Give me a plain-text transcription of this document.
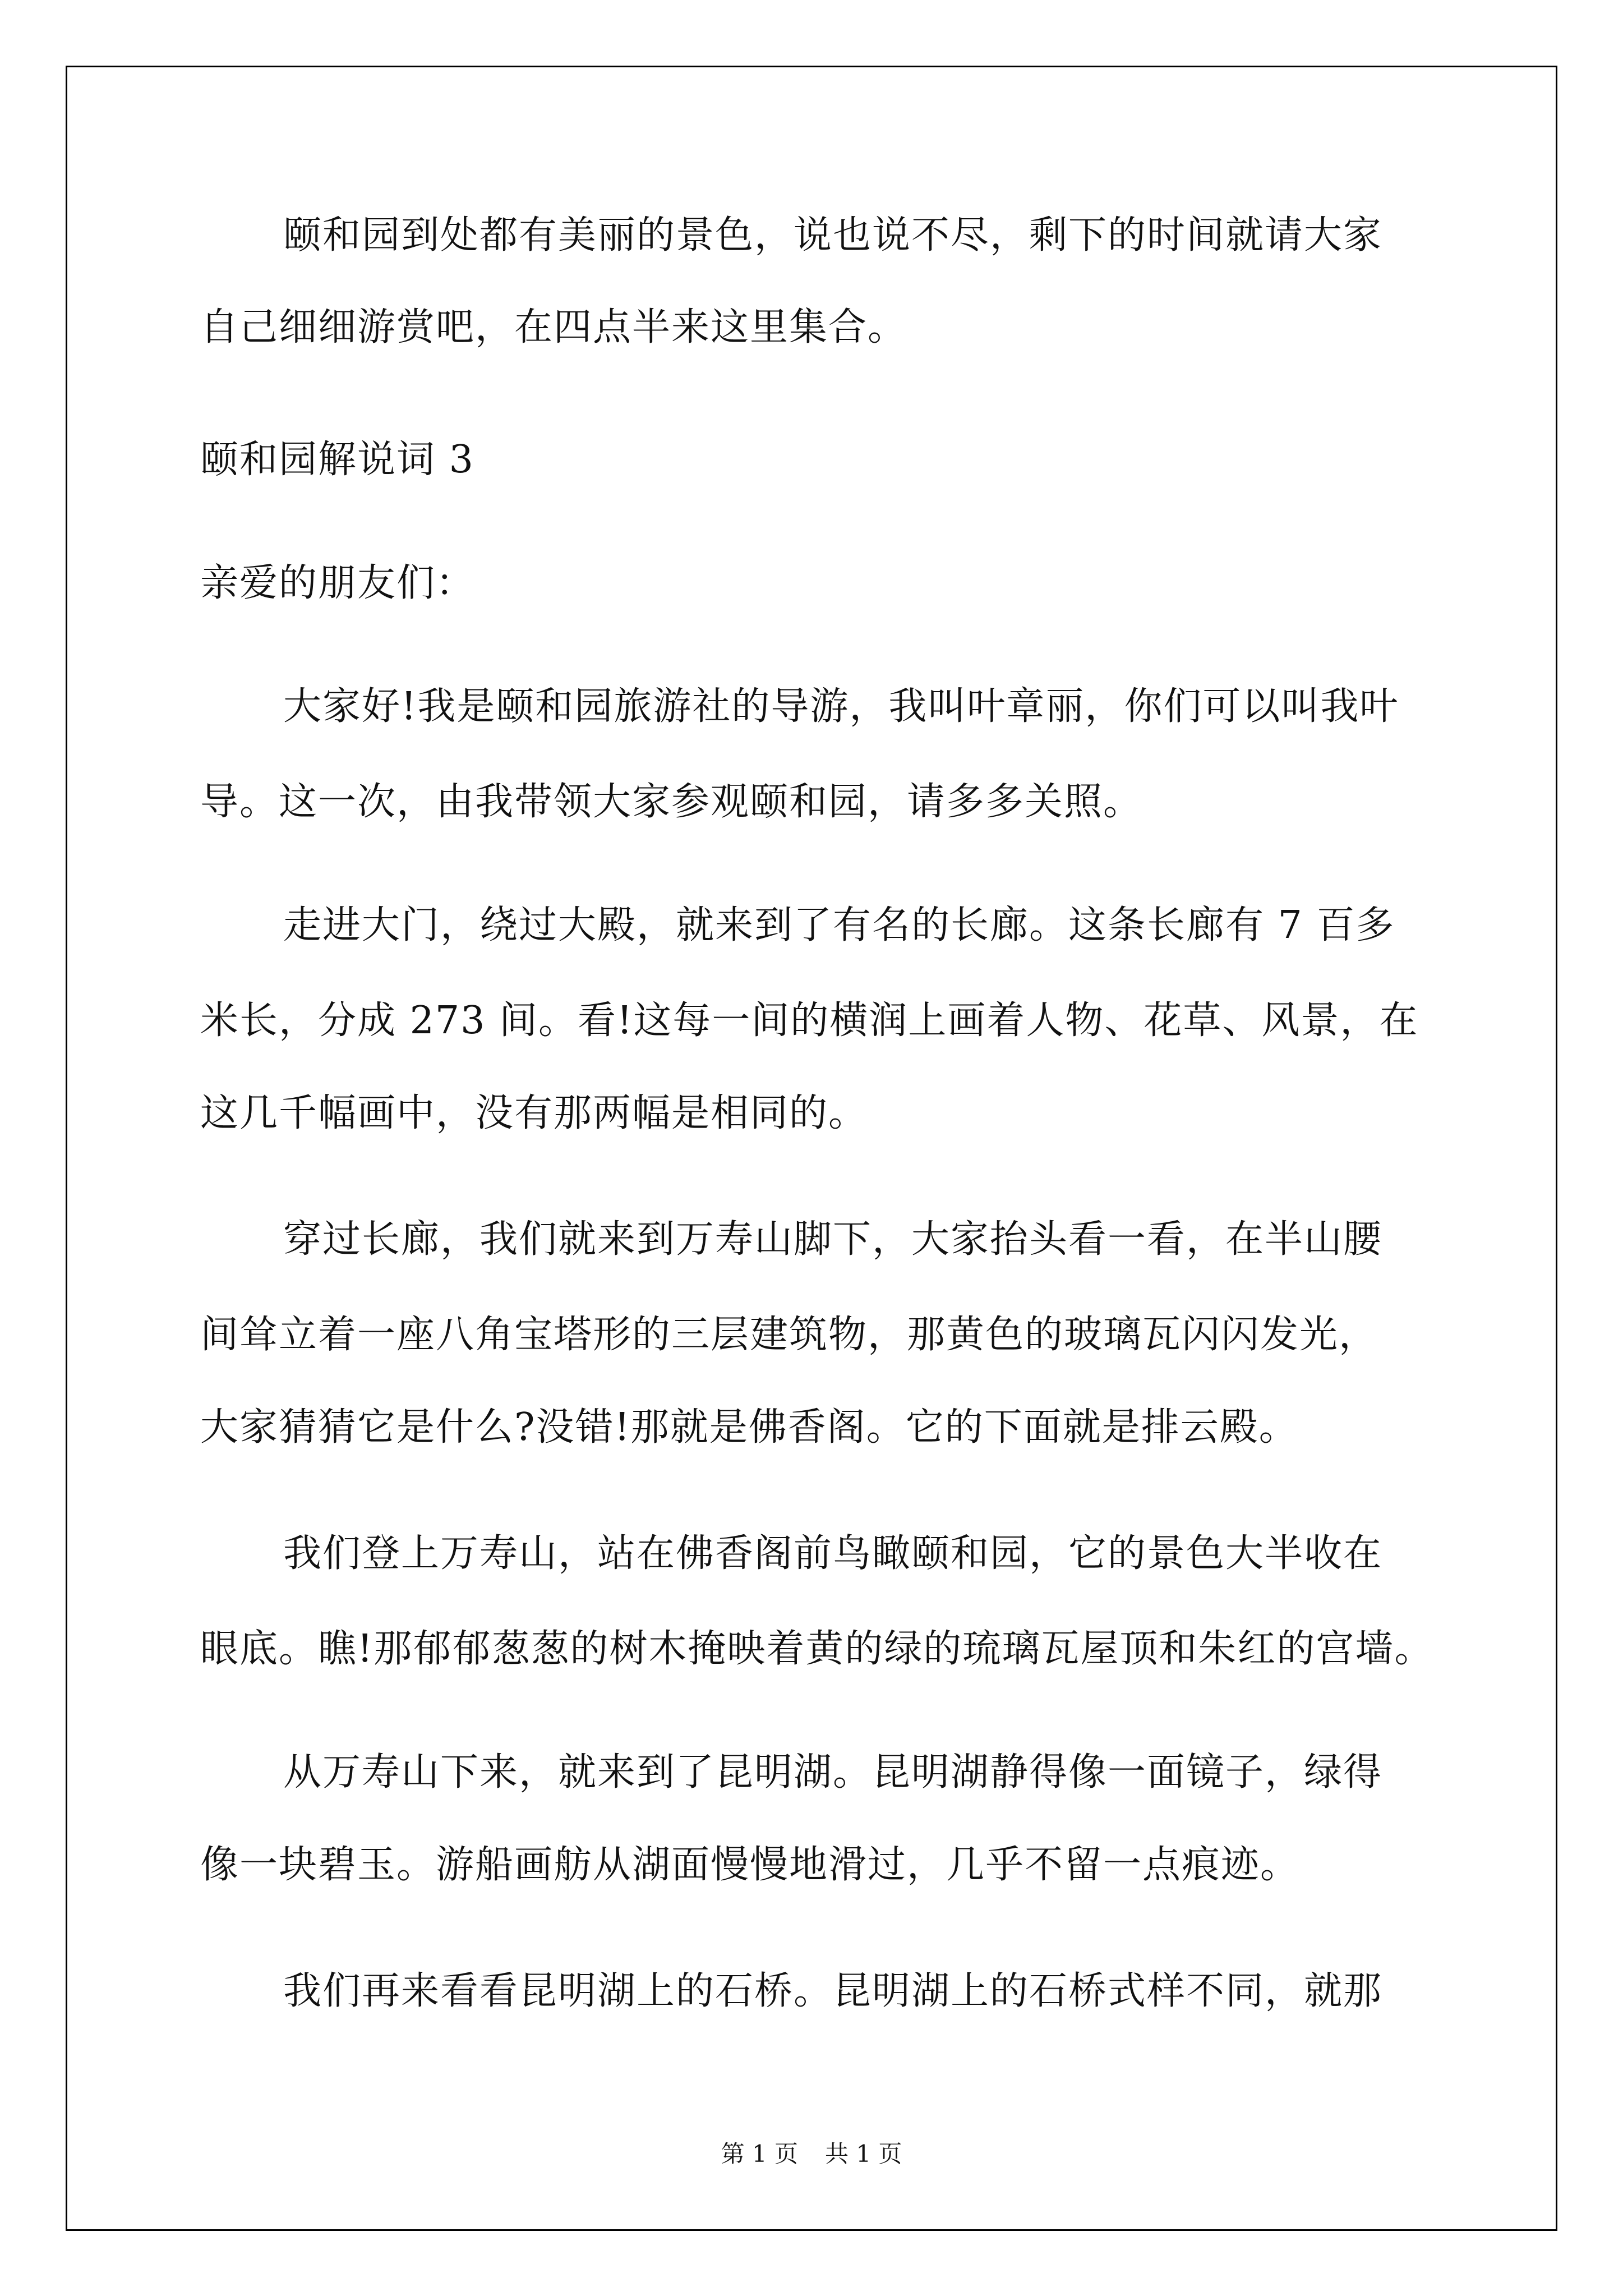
颐和园到处都有美丽的景色，说也说不尽，剩下的时间就请大家
自己细细游赏吧，在四点半来这里集合。
颐和园解说词 3
亲爱的朋友们：
大家好!我是颐和园旅游社的导游，我叫叶章丽，你们可以叫我叶
导。这一次，由我带领大家参观颐和园，请多多关照。
走进大门，绕过大殿，就来到了有名的长廊。这条长廊有 7 百多
米长，分成 273 间。看!这每一间的横润上画着人物、花草、风景，在
这几千幅画中，没有那两幅是相同的。
穿过长廊，我们就来到万寿山脚下，大家抬头看一看，在半山腰
间耸立着一座八角宝塔形的三层建筑物，那黄色的玻璃瓦闪闪发光，
大家猜猜它是什么?没错!那就是佛香阁。它的下面就是排云殿。
我们登上万寿山，站在佛香阁前鸟瞰颐和园，它的景色大半收在
眼底。瞧!那郁郁葱葱的树木掩映着黄的绿的琉璃瓦屋顶和朱红的宫墙。
从万寿山下来，就来到了昆明湖。昆明湖静得像一面镜子，绿得
像一块碧玉。游船画舫从湖面慢慢地滑过，几乎不留一点痕迹。
我们再来看看昆明湖上的石桥。昆明湖上的石桥式样不同，就那
第 1 页 共 1 页
